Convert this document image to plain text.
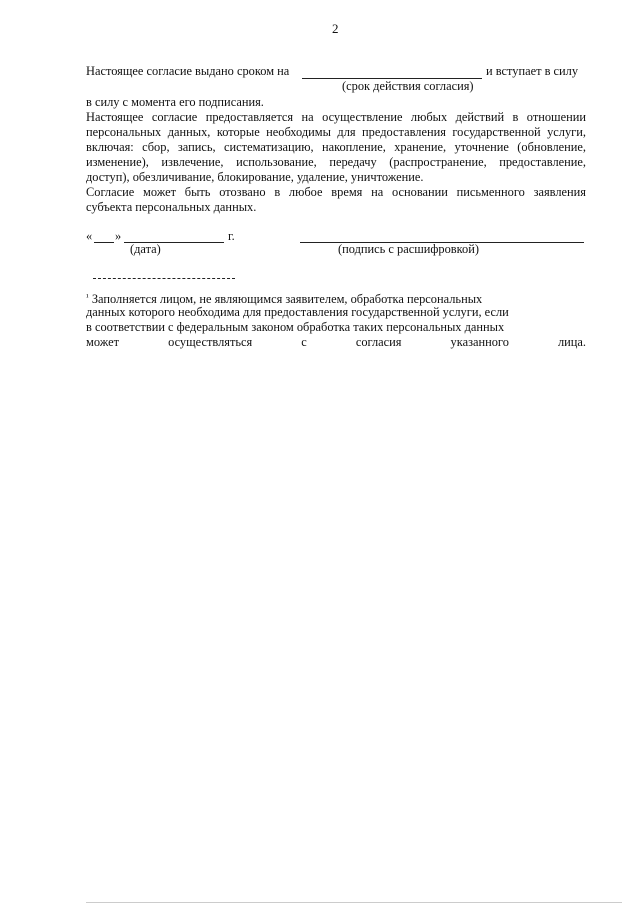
2
Настоящее согласие выдано сроком на	и вступает в силу
(срок действия согласия)
в силу с момента его подписания.
Настоящее согласие предоставляется на осуществление любых действий в отношении
персональных данных, которые необходимы для предоставления государственной услуги,
включая: сбор, запись, систематизацию, накопление, хранение, уточнение (обновление,
изменение), извлечение, использование, передачу (распространение, предоставление,
доступ), обезличивание, блокирование, удаление, уничтожение.
Согласие может быть отозвано в любое время на основании письменного заявления
субъекта персональных данных.
« »	г.
(дата)	(подпись с расшифровкой)
$^{^1}$ Заполняется лицом, не являющимся заявителем, обработка персональных
данных которого необходима для предоставления государственной услуги, если
в соответствии с федеральным законом обработка таких персональных данных
может осуществляться с согласия указанного лица.
